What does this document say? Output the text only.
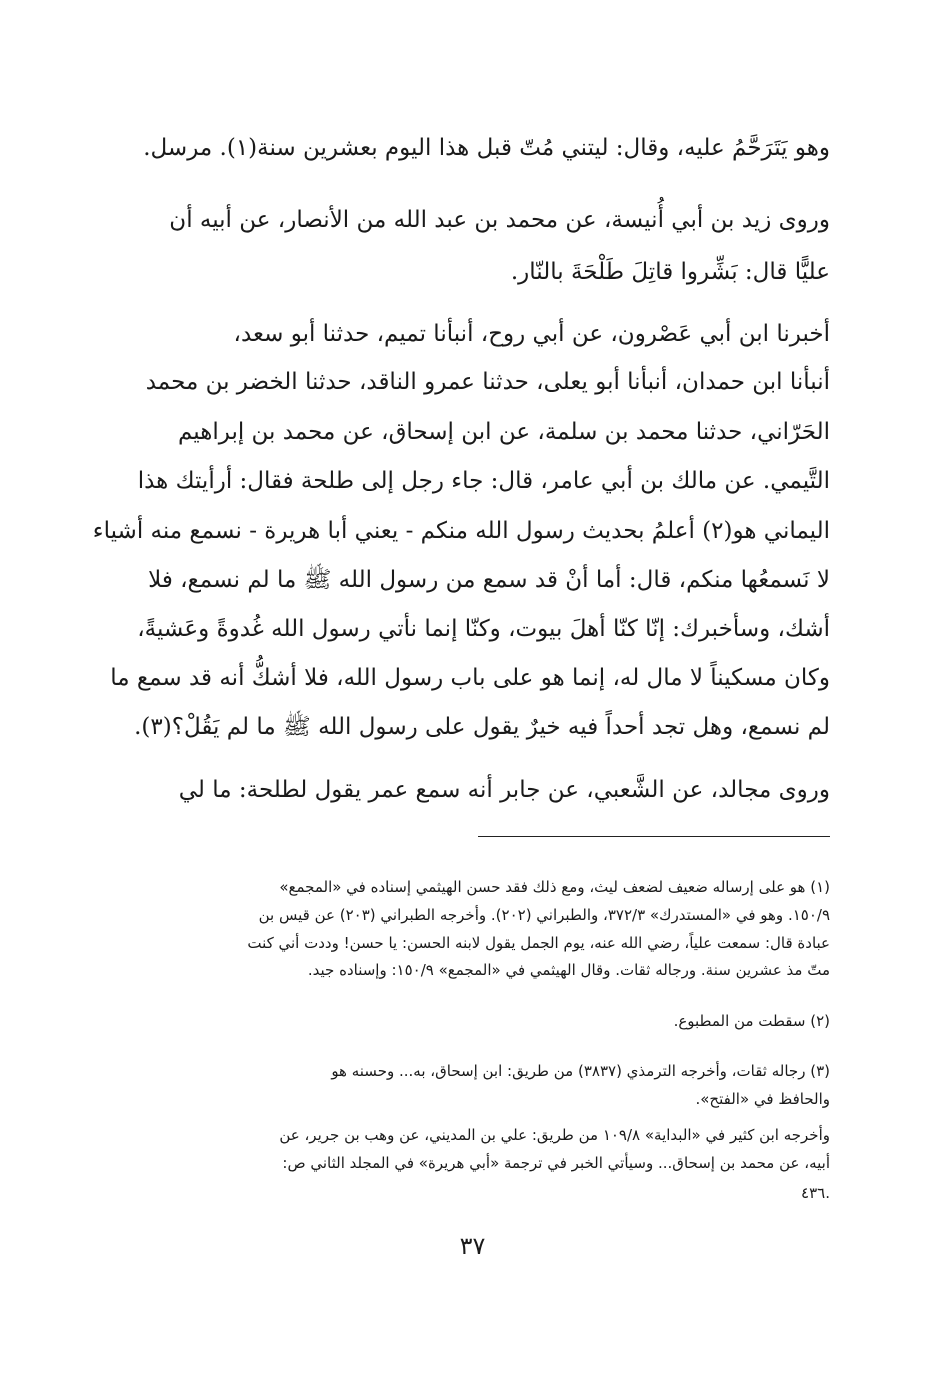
وهو يَتَرَحَّمُ عليه، وقال: ليتني مُتّ قبل هذا اليوم بعشرين سنة(١). مرسل.
وروى زيد بن أبي أُنيسة، عن محمد بن عبد الله من الأنصار، عن أبيه أن
عليًّا قال: بَشِّروا قاتِلَ طَلْحَةَ بالنّار.
أخبرنا ابن أبي عَصْرون، عن أبي روح، أنبأنا تميم، حدثنا أبو سعد،
أنبأنا ابن حمدان، أنبأنا أبو يعلى، حدثنا عمرو الناقد، حدثنا الخضر بن محمد
الحَرّاني، حدثنا محمد بن سلمة، عن ابن إسحاق، عن محمد بن إبراهيم
التَّيمي. عن مالك بن أبي عامر، قال: جاء رجل إلى طلحة فقال: أرأيتك هذا
اليماني هو(٢) أعلمُ بحديث رسول الله منكم - يعني أبا هريرة - نسمع منه أشياء
لا نَسمعُها منكم، قال: أما أنْ قد سمع من رسول الله ﷺ ما لم نسمع، فلا
أشك، وسأخبرك: إنّا كنّا أهلَ بيوت، وكنّا إنما نأتي رسول الله غُدوةً وعَشيةً،
وكان مسكيناً لا مال له، إنما هو على باب رسول الله، فلا أشكُّ أنه قد سمع ما
لم نسمع، وهل تجد أحداً فيه خيرٌ يقول على رسول الله ﷺ ما لم يَقُلْ؟(٣).
وروى مجالد، عن الشَّعبي، عن جابر أنه سمع عمر يقول لطلحة: ما لي
(١) هو على إرساله ضعيف لضعف ليث، ومع ذلك فقد حسن الهيثمي إسناده في «المجمع»
١٥٠/٩. وهو في «المستدرك» ٣٧٢/٣، والطبراني (٢٠٢). وأخرجه الطبراني (٢٠٣) عن قيس بن
عبادة قال: سمعت علياً، رضي الله عنه، يوم الجمل يقول لابنه الحسن: يا حسن! وددت أني كنت
متّ مذ عشرين سنة. ورجاله ثقات. وقال الهيثمي في «المجمع» ١٥٠/٩: وإسناده جيد.
(٢) سقطت من المطبوع.
(٣) رجاله ثقات، وأخرجه الترمذي (٣٨٣٧) من طريق: ابن إسحاق، به... وحسنه هو
والحافظ في «الفتح».
وأخرجه ابن كثير في «البداية» ١٠٩/٨ من طريق: علي بن المديني، عن وهب بن جرير، عن
أبيه، عن محمد بن إسحاق... وسيأتي الخبر في ترجمة «أبي هريرة» في المجلد الثاني ص:
.٤٣٦
٣٧
